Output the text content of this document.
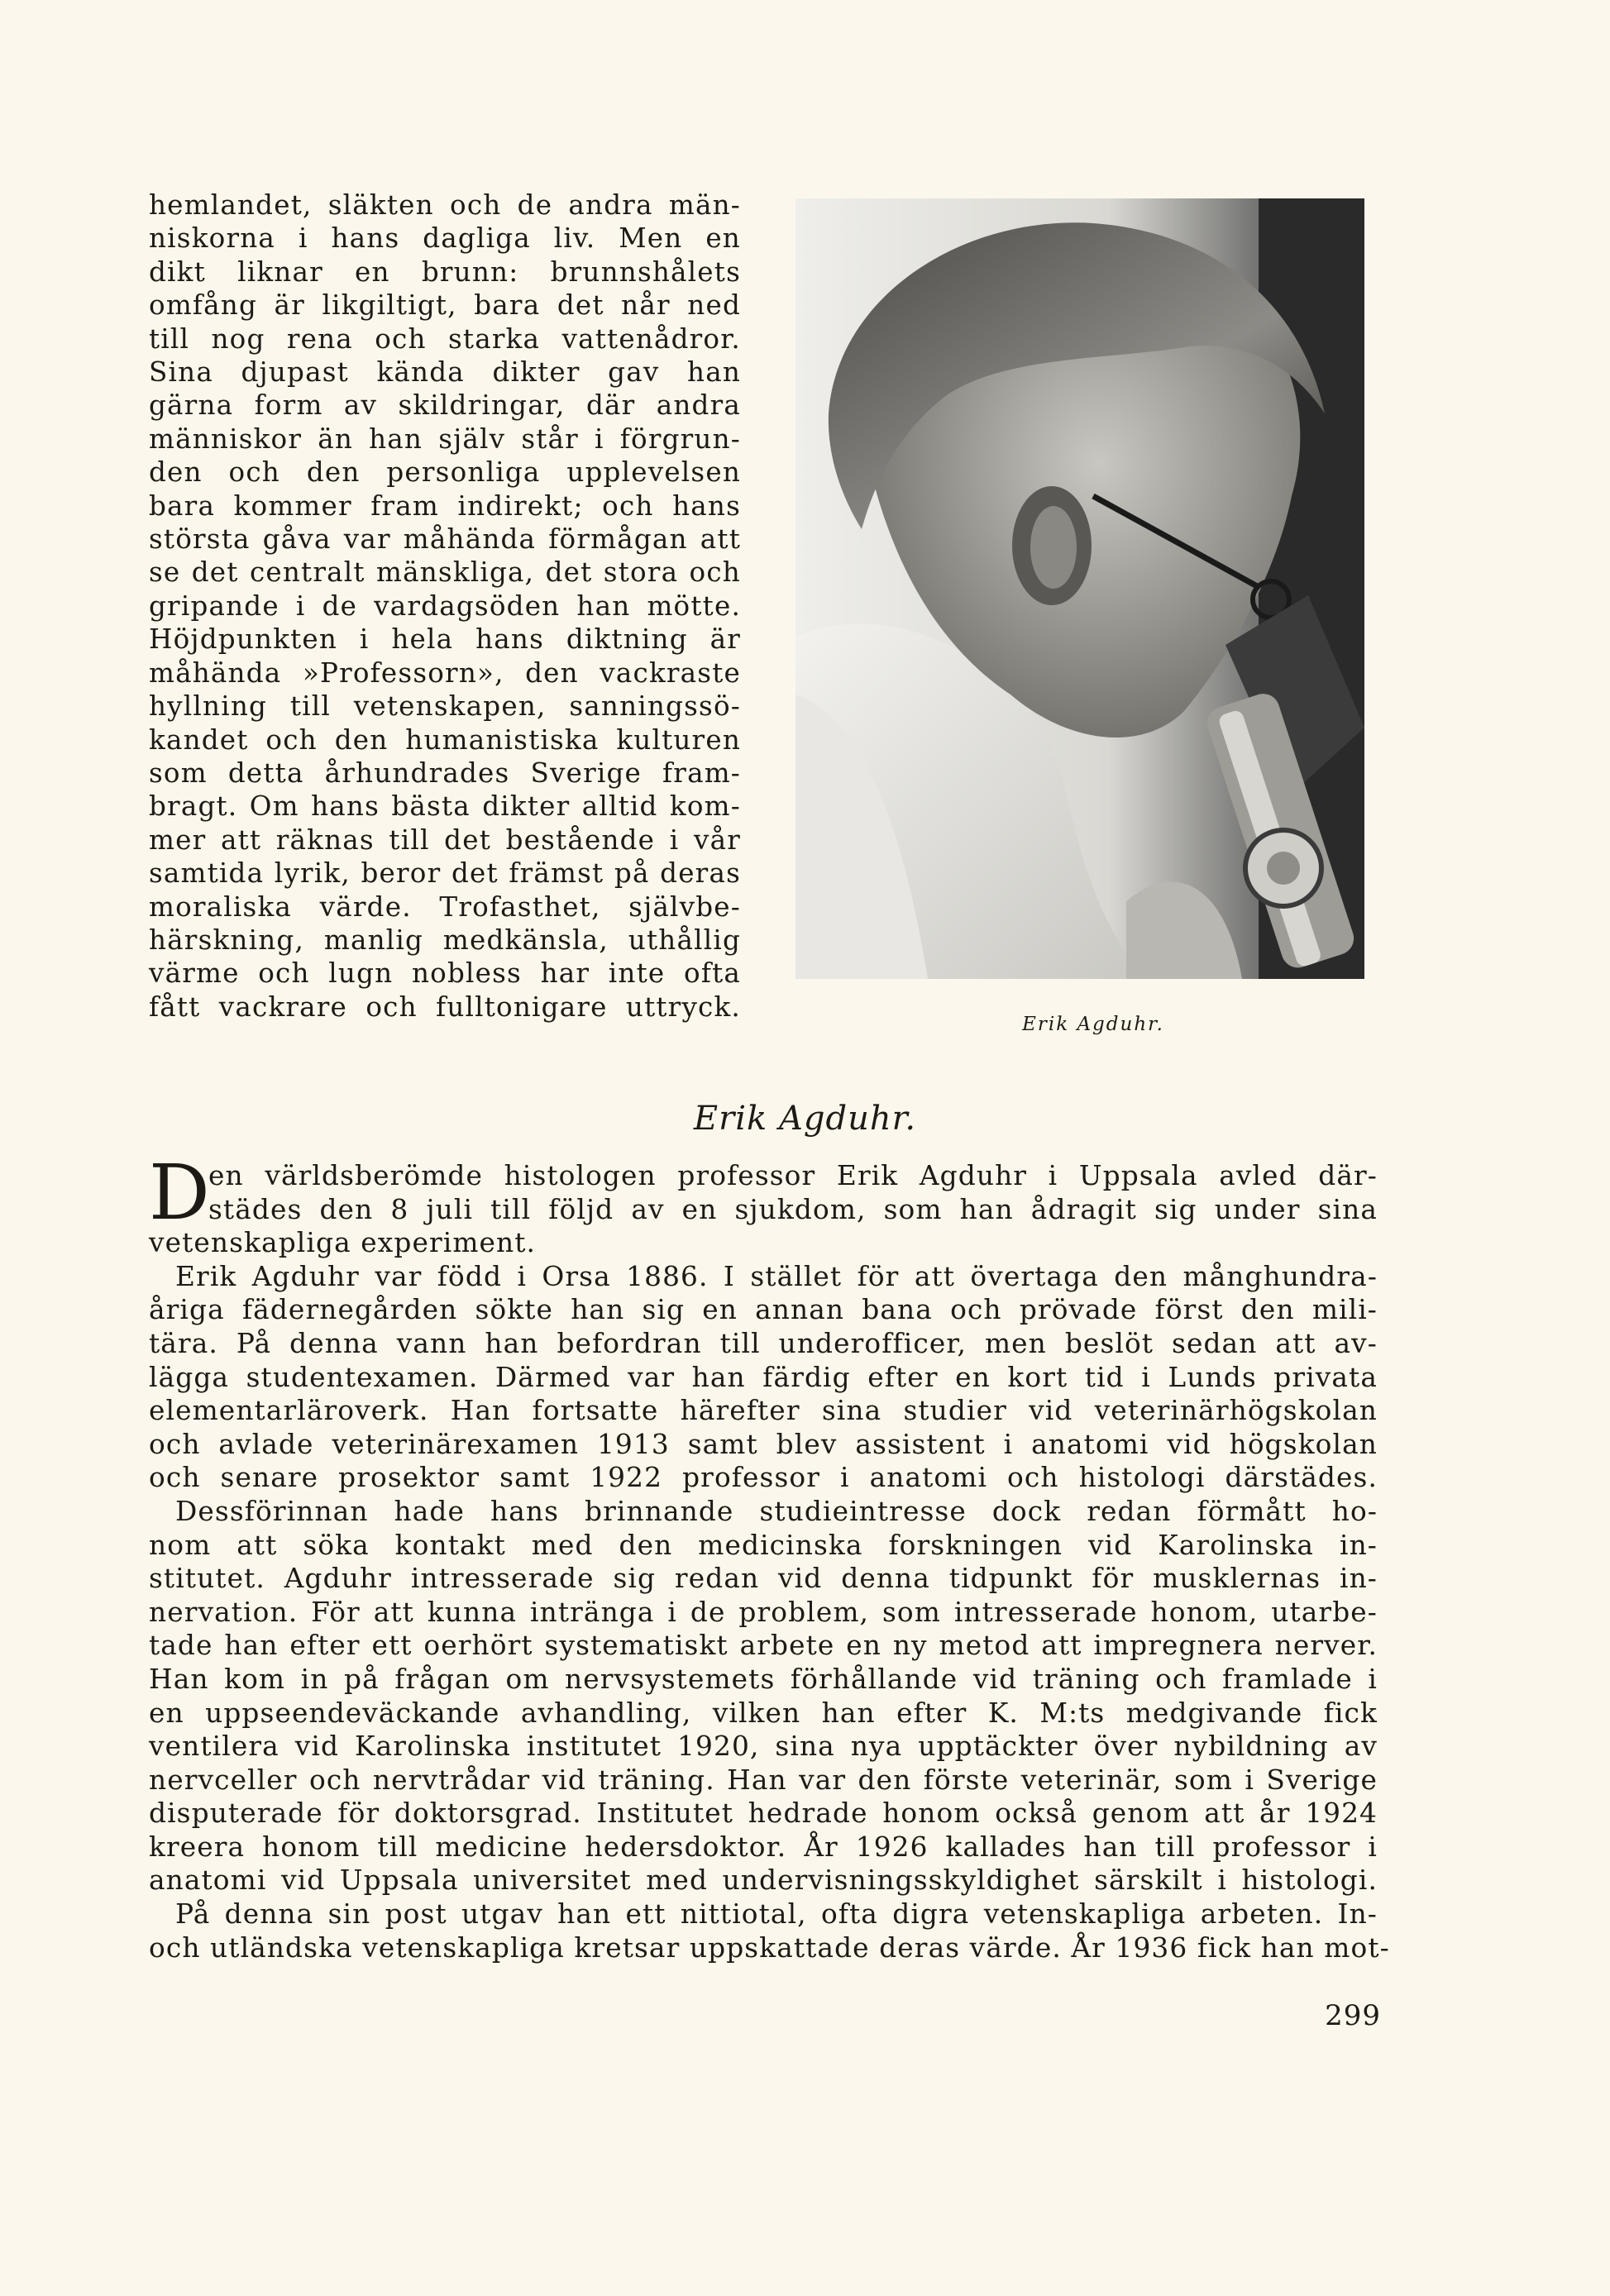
hemlandet, släkten och de andra män-
niskorna i hans dagliga liv. Men en
dikt liknar en brunn: brunnshålets
omfång är likgiltigt, bara det når ned
till nog rena och starka vattenådror.
Sina djupast kända dikter gav han
gärna form av skildringar, där andra
människor än han själv står i förgrun-
den och den personliga upplevelsen
bara kommer fram indirekt; och hans
största gåva var måhända förmågan att
se det centralt mänskliga, det stora och
gripande i de vardagsöden han mötte.
Höjdpunkten i hela hans diktning är
måhända »Professorn», den vackraste
hyllning till vetenskapen, sanningssö-
kandet och den humanistiska kulturen
som detta århundrades Sverige fram-
bragt. Om hans bästa dikter alltid kom-
mer att räknas till det bestående i vår
samtida lyrik, beror det främst på deras
moraliska värde. Trofasthet, självbe-
härskning, manlig medkänsla, uthållig
värme och lugn nobless har inte ofta
fått vackrare och fulltonigare uttryck.
Erik Agduhr.
Erik Agduhr.
D
en världsberömde histologen professor Erik Agduhr i Uppsala avled där-
städes den 8 juli till följd av en sjukdom, som han ådragit sig under sina
vetenskapliga experiment.
Erik Agduhr var född i Orsa 1886. I stället för att övertaga den månghundra-
åriga fädernegården sökte han sig en annan bana och prövade först den mili-
tära. På denna vann han befordran till underofficer, men beslöt sedan att av-
lägga studentexamen. Därmed var han färdig efter en kort tid i Lunds privata
elementarläroverk. Han fortsatte härefter sina studier vid veterinärhögskolan
och avlade veterinärexamen 1913 samt blev assistent i anatomi vid högskolan
och senare prosektor samt 1922 professor i anatomi och histologi därstädes.
Dessförinnan hade hans brinnande studieintresse dock redan förmått ho-
nom att söka kontakt med den medicinska forskningen vid Karolinska in-
stitutet. Agduhr intresserade sig redan vid denna tidpunkt för musklernas in-
nervation. För att kunna intränga i de problem, som intresserade honom, utarbe-
tade han efter ett oerhört systematiskt arbete en ny metod att impregnera nerver.
Han kom in på frågan om nervsystemets förhållande vid träning och framlade i
en uppseendeväckande avhandling, vilken han efter K. M:ts medgivande fick
ventilera vid Karolinska institutet 1920, sina nya upptäckter över nybildning av
nervceller och nervtrådar vid träning. Han var den förste veterinär, som i Sverige
disputerade för doktorsgrad. Institutet hedrade honom också genom att år 1924
kreera honom till medicine hedersdoktor. År 1926 kallades han till professor i
anatomi vid Uppsala universitet med undervisningsskyldighet särskilt i histologi.
På denna sin post utgav han ett nittiotal, ofta digra vetenskapliga arbeten. In-
och utländska vetenskapliga kretsar uppskattade deras värde. År 1936 fick han mot-
299
